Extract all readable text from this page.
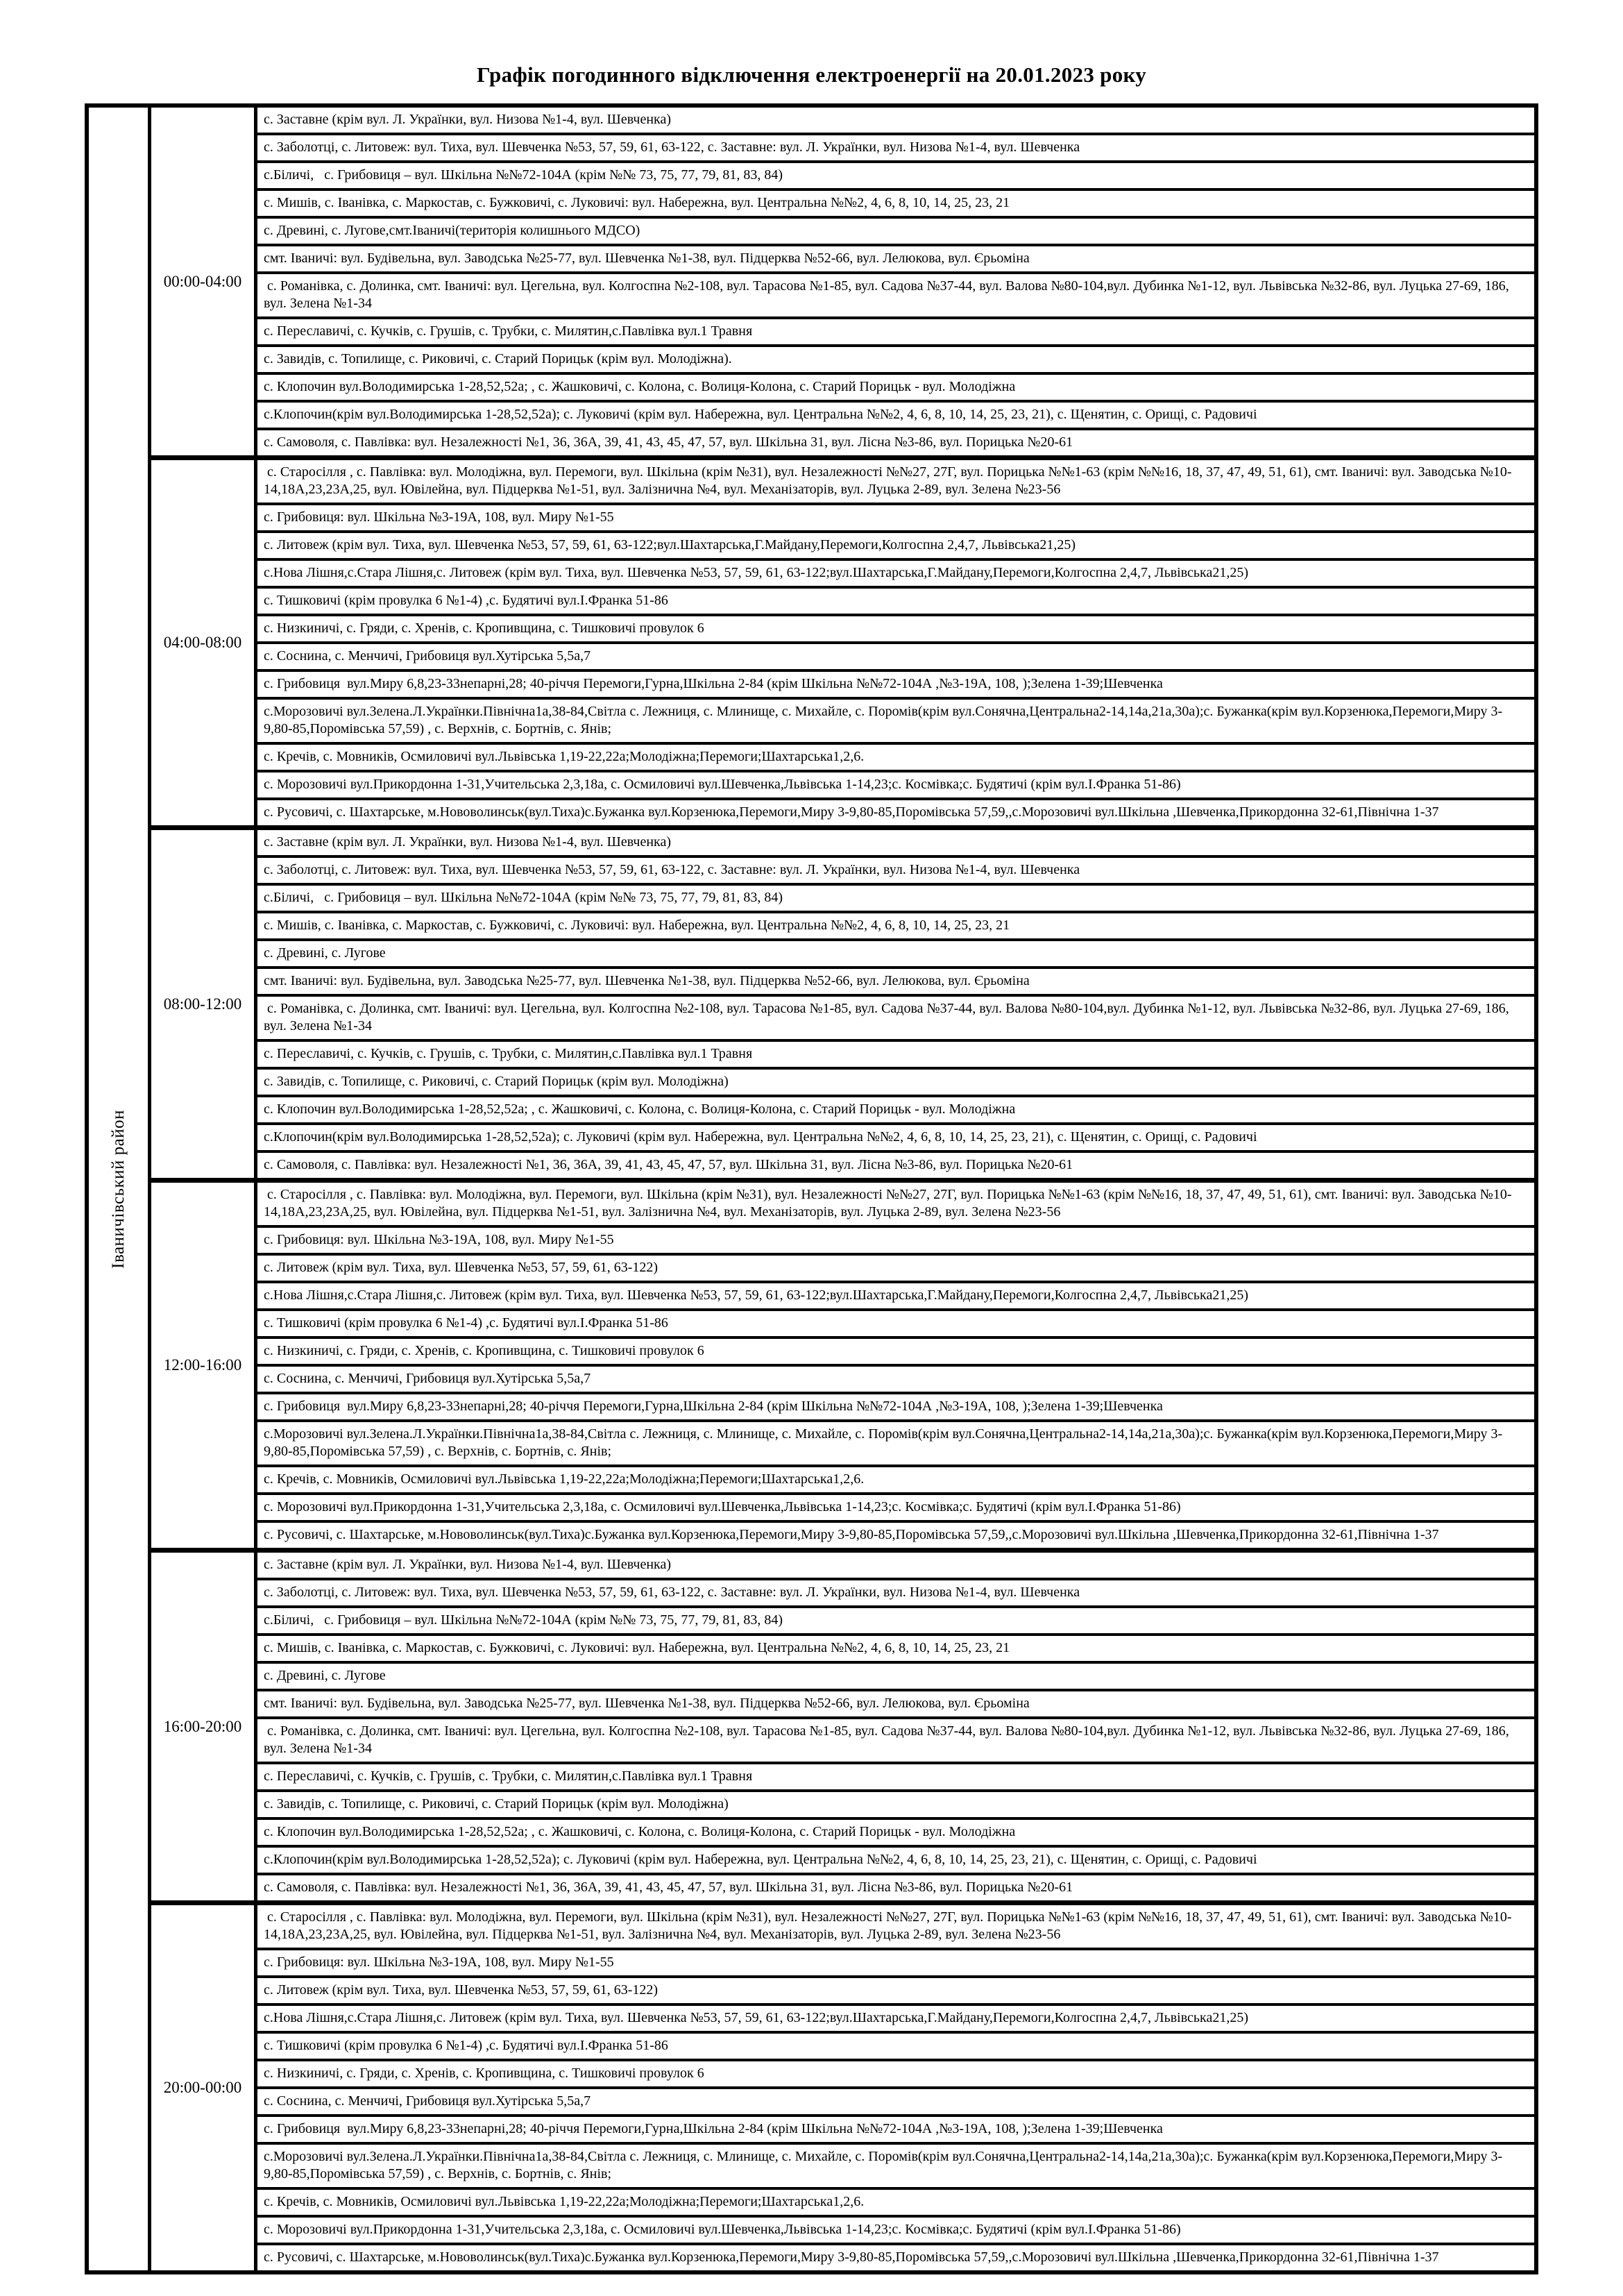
Графік погодинного відключення електроенергії на 20.01.2023 року
Іваничівський район
00:00-04:00
с. Заставне (крім вул. Л. Українки, вул. Низова №1-4, вул. Шевченка)
с. Заболотці, с. Литовеж: вул. Тиха, вул. Шевченка №53, 57, 59, 61, 63-122, с. Заставне: вул. Л. Українки, вул. Низова №1-4, вул. Шевченка
с.Біличі,   с. Грибовиця – вул. Шкільна №№72-104А (крім №№ 73, 75, 77, 79, 81, 83, 84)
с. Мишів, с. Іванівка, с. Маркостав, с. Бужковичі, с. Луковичі: вул. Набережна, вул. Центральна №№2, 4, 6, 8, 10, 14, 25, 23, 21
с. Древині, с. Лугове,смт.Іваничі(територія колишнього МДСО)
смт. Іваничі: вул. Будівельна, вул. Заводська №25-77, вул. Шевченка №1-38, вул. Підцерква №52-66, вул. Лелюкова, вул. Єрьоміна
с. Романівка, с. Долинка, смт. Іваничі: вул. Цегельна, вул. Колгоспна №2-108, вул. Тарасова №1-85, вул. Садова №37-44, вул. Валова №80-104,вул. Дубинка №1-12, вул. Львівська №32-86, вул. Луцька 27-69, 186, вул. Зелена №1-34
с. Переславичі, с. Кучків, с. Грушів, с. Трубки, с. Милятин,с.Павлівка вул.1 Травня
с. Завидів, с. Топилище, с. Риковичі, с. Старий Порицьк (крім вул. Молодіжна).
с. Клопочин вул.Володимирська 1-28,52,52а; , с. Жашковичі, с. Колона, с. Волиця-Колона, с. Старий Порицьк - вул. Молодіжна
с.Клопочин(крім вул.Володимирська 1-28,52,52а); с. Луковичі (крім вул. Набережна, вул. Центральна №№2, 4, 6, 8, 10, 14, 25, 23, 21), с. Щенятин, с. Орищі, с. Радовичі
с. Самоволя, с. Павлівка: вул. Незалежності №1, 36, 36А, 39, 41, 43, 45, 47, 57, вул. Шкільна 31, вул. Лісна №3-86, вул. Порицька №20-61
04:00-08:00
с. Старосілля , с. Павлівка: вул. Молодіжна, вул. Перемоги, вул. Шкільна (крім №31), вул. Незалежності №№27, 27Г, вул. Порицька №№1-63 (крім №№16, 18, 37, 47, 49, 51, 61), смт. Іваничі: вул. Заводська №10-14,18А,23,23А,25, вул. Ювілейна, вул. Підцерква №1-51, вул. Залізнична №4, вул. Механізаторів, вул. Луцька 2-89, вул. Зелена №23-56
с. Грибовиця: вул. Шкільна №3-19А, 108, вул. Миру №1-55
с. Литовеж (крім вул. Тиха, вул. Шевченка №53, 57, 59, 61, 63-122;вул.Шахтарська,Г.Майдану,Перемоги,Колгоспна 2,4,7, Львівська21,25)
с.Нова Лішня,с.Стара Лішня,с. Литовеж (крім вул. Тиха, вул. Шевченка №53, 57, 59, 61, 63-122;вул.Шахтарська,Г.Майдану,Перемоги,Колгоспна 2,4,7, Львівська21,25)
с. Тишковичі (крім провулка 6 №1-4) ,с. Будятичі вул.І.Франка 51-86
с. Низкиничі, с. Гряди, с. Хренів, с. Кропивщина, с. Тишковичі провулок 6
с. Соснина, с. Менчичі, Грибовиця вул.Хутірська 5,5а,7
с. Грибовиця  вул.Миру 6,8,23-33непарні,28; 40-річчя Перемоги,Гурна,Шкільна 2-84 (крім Шкільна №№72-104А ,№3-19А, 108, );Зелена 1-39;Шевченка
с.Морозовичі вул.Зелена.Л.Українки.Північна1а,38-84,Світла с. Лежниця, с. Млинище, с. Михайле, с. Поромів(крім вул.Сонячна,Центральна2-14,14а,21а,30а);с. Бужанка(крім вул.Корзенюка,Перемоги,Миру 3-9,80-85,Поромівська 57,59) , с. Верхнів, с. Бортнів, с. Янів;
с. Кречів, с. Мовників, Осмиловичі вул.Львівська 1,19-22,22а;Молодіжна;Перемоги;Шахтарська1,2,6.
с. Морозовичі вул.Прикордонна 1-31,Учительська 2,3,18а, с. Осмиловичі вул.Шевченка,Львівська 1-14,23;с. Космівка;с. Будятичі (крім вул.І.Франка 51-86)
с. Русовичі, с. Шахтарське, м.Нововолинськ(вул.Тиха)с.Бужанка вул.Корзенюка,Перемоги,Миру 3-9,80-85,Поромівська 57,59,,с.Морозовичі вул.Шкільна ,Шевченка,Прикордонна 32-61,Північна 1-37
08:00-12:00
с. Заставне (крім вул. Л. Українки, вул. Низова №1-4, вул. Шевченка)
с. Заболотці, с. Литовеж: вул. Тиха, вул. Шевченка №53, 57, 59, 61, 63-122, с. Заставне: вул. Л. Українки, вул. Низова №1-4, вул. Шевченка
с.Біличі,   с. Грибовиця – вул. Шкільна №№72-104А (крім №№ 73, 75, 77, 79, 81, 83, 84)
с. Мишів, с. Іванівка, с. Маркостав, с. Бужковичі, с. Луковичі: вул. Набережна, вул. Центральна №№2, 4, 6, 8, 10, 14, 25, 23, 21
с. Древині, с. Лугове
смт. Іваничі: вул. Будівельна, вул. Заводська №25-77, вул. Шевченка №1-38, вул. Підцерква №52-66, вул. Лелюкова, вул. Єрьоміна
с. Романівка, с. Долинка, смт. Іваничі: вул. Цегельна, вул. Колгоспна №2-108, вул. Тарасова №1-85, вул. Садова №37-44, вул. Валова №80-104,вул. Дубинка №1-12, вул. Львівська №32-86, вул. Луцька 27-69, 186, вул. Зелена №1-34
с. Переславичі, с. Кучків, с. Грушів, с. Трубки, с. Милятин,с.Павлівка вул.1 Травня
с. Завидів, с. Топилище, с. Риковичі, с. Старий Порицьк (крім вул. Молодіжна)
с. Клопочин вул.Володимирська 1-28,52,52а; , с. Жашковичі, с. Колона, с. Волиця-Колона, с. Старий Порицьк - вул. Молодіжна
с.Клопочин(крім вул.Володимирська 1-28,52,52а); с. Луковичі (крім вул. Набережна, вул. Центральна №№2, 4, 6, 8, 10, 14, 25, 23, 21), с. Щенятин, с. Орищі, с. Радовичі
с. Самоволя, с. Павлівка: вул. Незалежності №1, 36, 36А, 39, 41, 43, 45, 47, 57, вул. Шкільна 31, вул. Лісна №3-86, вул. Порицька №20-61
12:00-16:00
с. Старосілля , с. Павлівка: вул. Молодіжна, вул. Перемоги, вул. Шкільна (крім №31), вул. Незалежності №№27, 27Г, вул. Порицька №№1-63 (крім №№16, 18, 37, 47, 49, 51, 61), смт. Іваничі: вул. Заводська №10-14,18А,23,23А,25, вул. Ювілейна, вул. Підцерква №1-51, вул. Залізнична №4, вул. Механізаторів, вул. Луцька 2-89, вул. Зелена №23-56
с. Грибовиця: вул. Шкільна №3-19А, 108, вул. Миру №1-55
с. Литовеж (крім вул. Тиха, вул. Шевченка №53, 57, 59, 61, 63-122)
с.Нова Лішня,с.Стара Лішня,с. Литовеж (крім вул. Тиха, вул. Шевченка №53, 57, 59, 61, 63-122;вул.Шахтарська,Г.Майдану,Перемоги,Колгоспна 2,4,7, Львівська21,25)
с. Тишковичі (крім провулка 6 №1-4) ,с. Будятичі вул.І.Франка 51-86
с. Низкиничі, с. Гряди, с. Хренів, с. Кропивщина, с. Тишковичі провулок 6
с. Соснина, с. Менчичі, Грибовиця вул.Хутірська 5,5а,7
с. Грибовиця  вул.Миру 6,8,23-33непарні,28; 40-річчя Перемоги,Гурна,Шкільна 2-84 (крім Шкільна №№72-104А ,№3-19А, 108, );Зелена 1-39;Шевченка
с.Морозовичі вул.Зелена.Л.Українки.Північна1а,38-84,Світла с. Лежниця, с. Млинище, с. Михайле, с. Поромів(крім вул.Сонячна,Центральна2-14,14а,21а,30а);с. Бужанка(крім вул.Корзенюка,Перемоги,Миру 3-9,80-85,Поромівська 57,59) , с. Верхнів, с. Бортнів, с. Янів;
с. Кречів, с. Мовників, Осмиловичі вул.Львівська 1,19-22,22а;Молодіжна;Перемоги;Шахтарська1,2,6.
с. Морозовичі вул.Прикордонна 1-31,Учительська 2,3,18а, с. Осмиловичі вул.Шевченка,Львівська 1-14,23;с. Космівка;с. Будятичі (крім вул.І.Франка 51-86)
с. Русовичі, с. Шахтарське, м.Нововолинськ(вул.Тиха)с.Бужанка вул.Корзенюка,Перемоги,Миру 3-9,80-85,Поромівська 57,59,,с.Морозовичі вул.Шкільна ,Шевченка,Прикордонна 32-61,Північна 1-37
16:00-20:00
с. Заставне (крім вул. Л. Українки, вул. Низова №1-4, вул. Шевченка)
с. Заболотці, с. Литовеж: вул. Тиха, вул. Шевченка №53, 57, 59, 61, 63-122, с. Заставне: вул. Л. Українки, вул. Низова №1-4, вул. Шевченка
с.Біличі,   с. Грибовиця – вул. Шкільна №№72-104А (крім №№ 73, 75, 77, 79, 81, 83, 84)
с. Мишів, с. Іванівка, с. Маркостав, с. Бужковичі, с. Луковичі: вул. Набережна, вул. Центральна №№2, 4, 6, 8, 10, 14, 25, 23, 21
с. Древині, с. Лугове
смт. Іваничі: вул. Будівельна, вул. Заводська №25-77, вул. Шевченка №1-38, вул. Підцерква №52-66, вул. Лелюкова, вул. Єрьоміна
с. Романівка, с. Долинка, смт. Іваничі: вул. Цегельна, вул. Колгоспна №2-108, вул. Тарасова №1-85, вул. Садова №37-44, вул. Валова №80-104,вул. Дубинка №1-12, вул. Львівська №32-86, вул. Луцька 27-69, 186, вул. Зелена №1-34
с. Переславичі, с. Кучків, с. Грушів, с. Трубки, с. Милятин,с.Павлівка вул.1 Травня
с. Завидів, с. Топилище, с. Риковичі, с. Старий Порицьк (крім вул. Молодіжна)
с. Клопочин вул.Володимирська 1-28,52,52а; , с. Жашковичі, с. Колона, с. Волиця-Колона, с. Старий Порицьк - вул. Молодіжна
с.Клопочин(крім вул.Володимирська 1-28,52,52а); с. Луковичі (крім вул. Набережна, вул. Центральна №№2, 4, 6, 8, 10, 14, 25, 23, 21), с. Щенятин, с. Орищі, с. Радовичі
с. Самоволя, с. Павлівка: вул. Незалежності №1, 36, 36А, 39, 41, 43, 45, 47, 57, вул. Шкільна 31, вул. Лісна №3-86, вул. Порицька №20-61
20:00-00:00
с. Старосілля , с. Павлівка: вул. Молодіжна, вул. Перемоги, вул. Шкільна (крім №31), вул. Незалежності №№27, 27Г, вул. Порицька №№1-63 (крім №№16, 18, 37, 47, 49, 51, 61), смт. Іваничі: вул. Заводська №10-14,18А,23,23А,25, вул. Ювілейна, вул. Підцерква №1-51, вул. Залізнична №4, вул. Механізаторів, вул. Луцька 2-89, вул. Зелена №23-56
с. Грибовиця: вул. Шкільна №3-19А, 108, вул. Миру №1-55
с. Литовеж (крім вул. Тиха, вул. Шевченка №53, 57, 59, 61, 63-122)
с.Нова Лішня,с.Стара Лішня,с. Литовеж (крім вул. Тиха, вул. Шевченка №53, 57, 59, 61, 63-122;вул.Шахтарська,Г.Майдану,Перемоги,Колгоспна 2,4,7, Львівська21,25)
с. Тишковичі (крім провулка 6 №1-4) ,с. Будятичі вул.І.Франка 51-86
с. Низкиничі, с. Гряди, с. Хренів, с. Кропивщина, с. Тишковичі провулок 6
с. Соснина, с. Менчичі, Грибовиця вул.Хутірська 5,5а,7
с. Грибовиця  вул.Миру 6,8,23-33непарні,28; 40-річчя Перемоги,Гурна,Шкільна 2-84 (крім Шкільна №№72-104А ,№3-19А, 108, );Зелена 1-39;Шевченка
с.Морозовичі вул.Зелена.Л.Українки.Північна1а,38-84,Світла с. Лежниця, с. Млинище, с. Михайле, с. Поромів(крім вул.Сонячна,Центральна2-14,14а,21а,30а);с. Бужанка(крім вул.Корзенюка,Перемоги,Миру 3-9,80-85,Поромівська 57,59) , с. Верхнів, с. Бортнів, с. Янів;
с. Кречів, с. Мовників, Осмиловичі вул.Львівська 1,19-22,22а;Молодіжна;Перемоги;Шахтарська1,2,6.
с. Морозовичі вул.Прикордонна 1-31,Учительська 2,3,18а, с. Осмиловичі вул.Шевченка,Львівська 1-14,23;с. Космівка;с. Будятичі (крім вул.І.Франка 51-86)
с. Русовичі, с. Шахтарське, м.Нововолинськ(вул.Тиха)с.Бужанка вул.Корзенюка,Перемоги,Миру 3-9,80-85,Поромівська 57,59,,с.Морозовичі вул.Шкільна ,Шевченка,Прикордонна 32-61,Північна 1-37
